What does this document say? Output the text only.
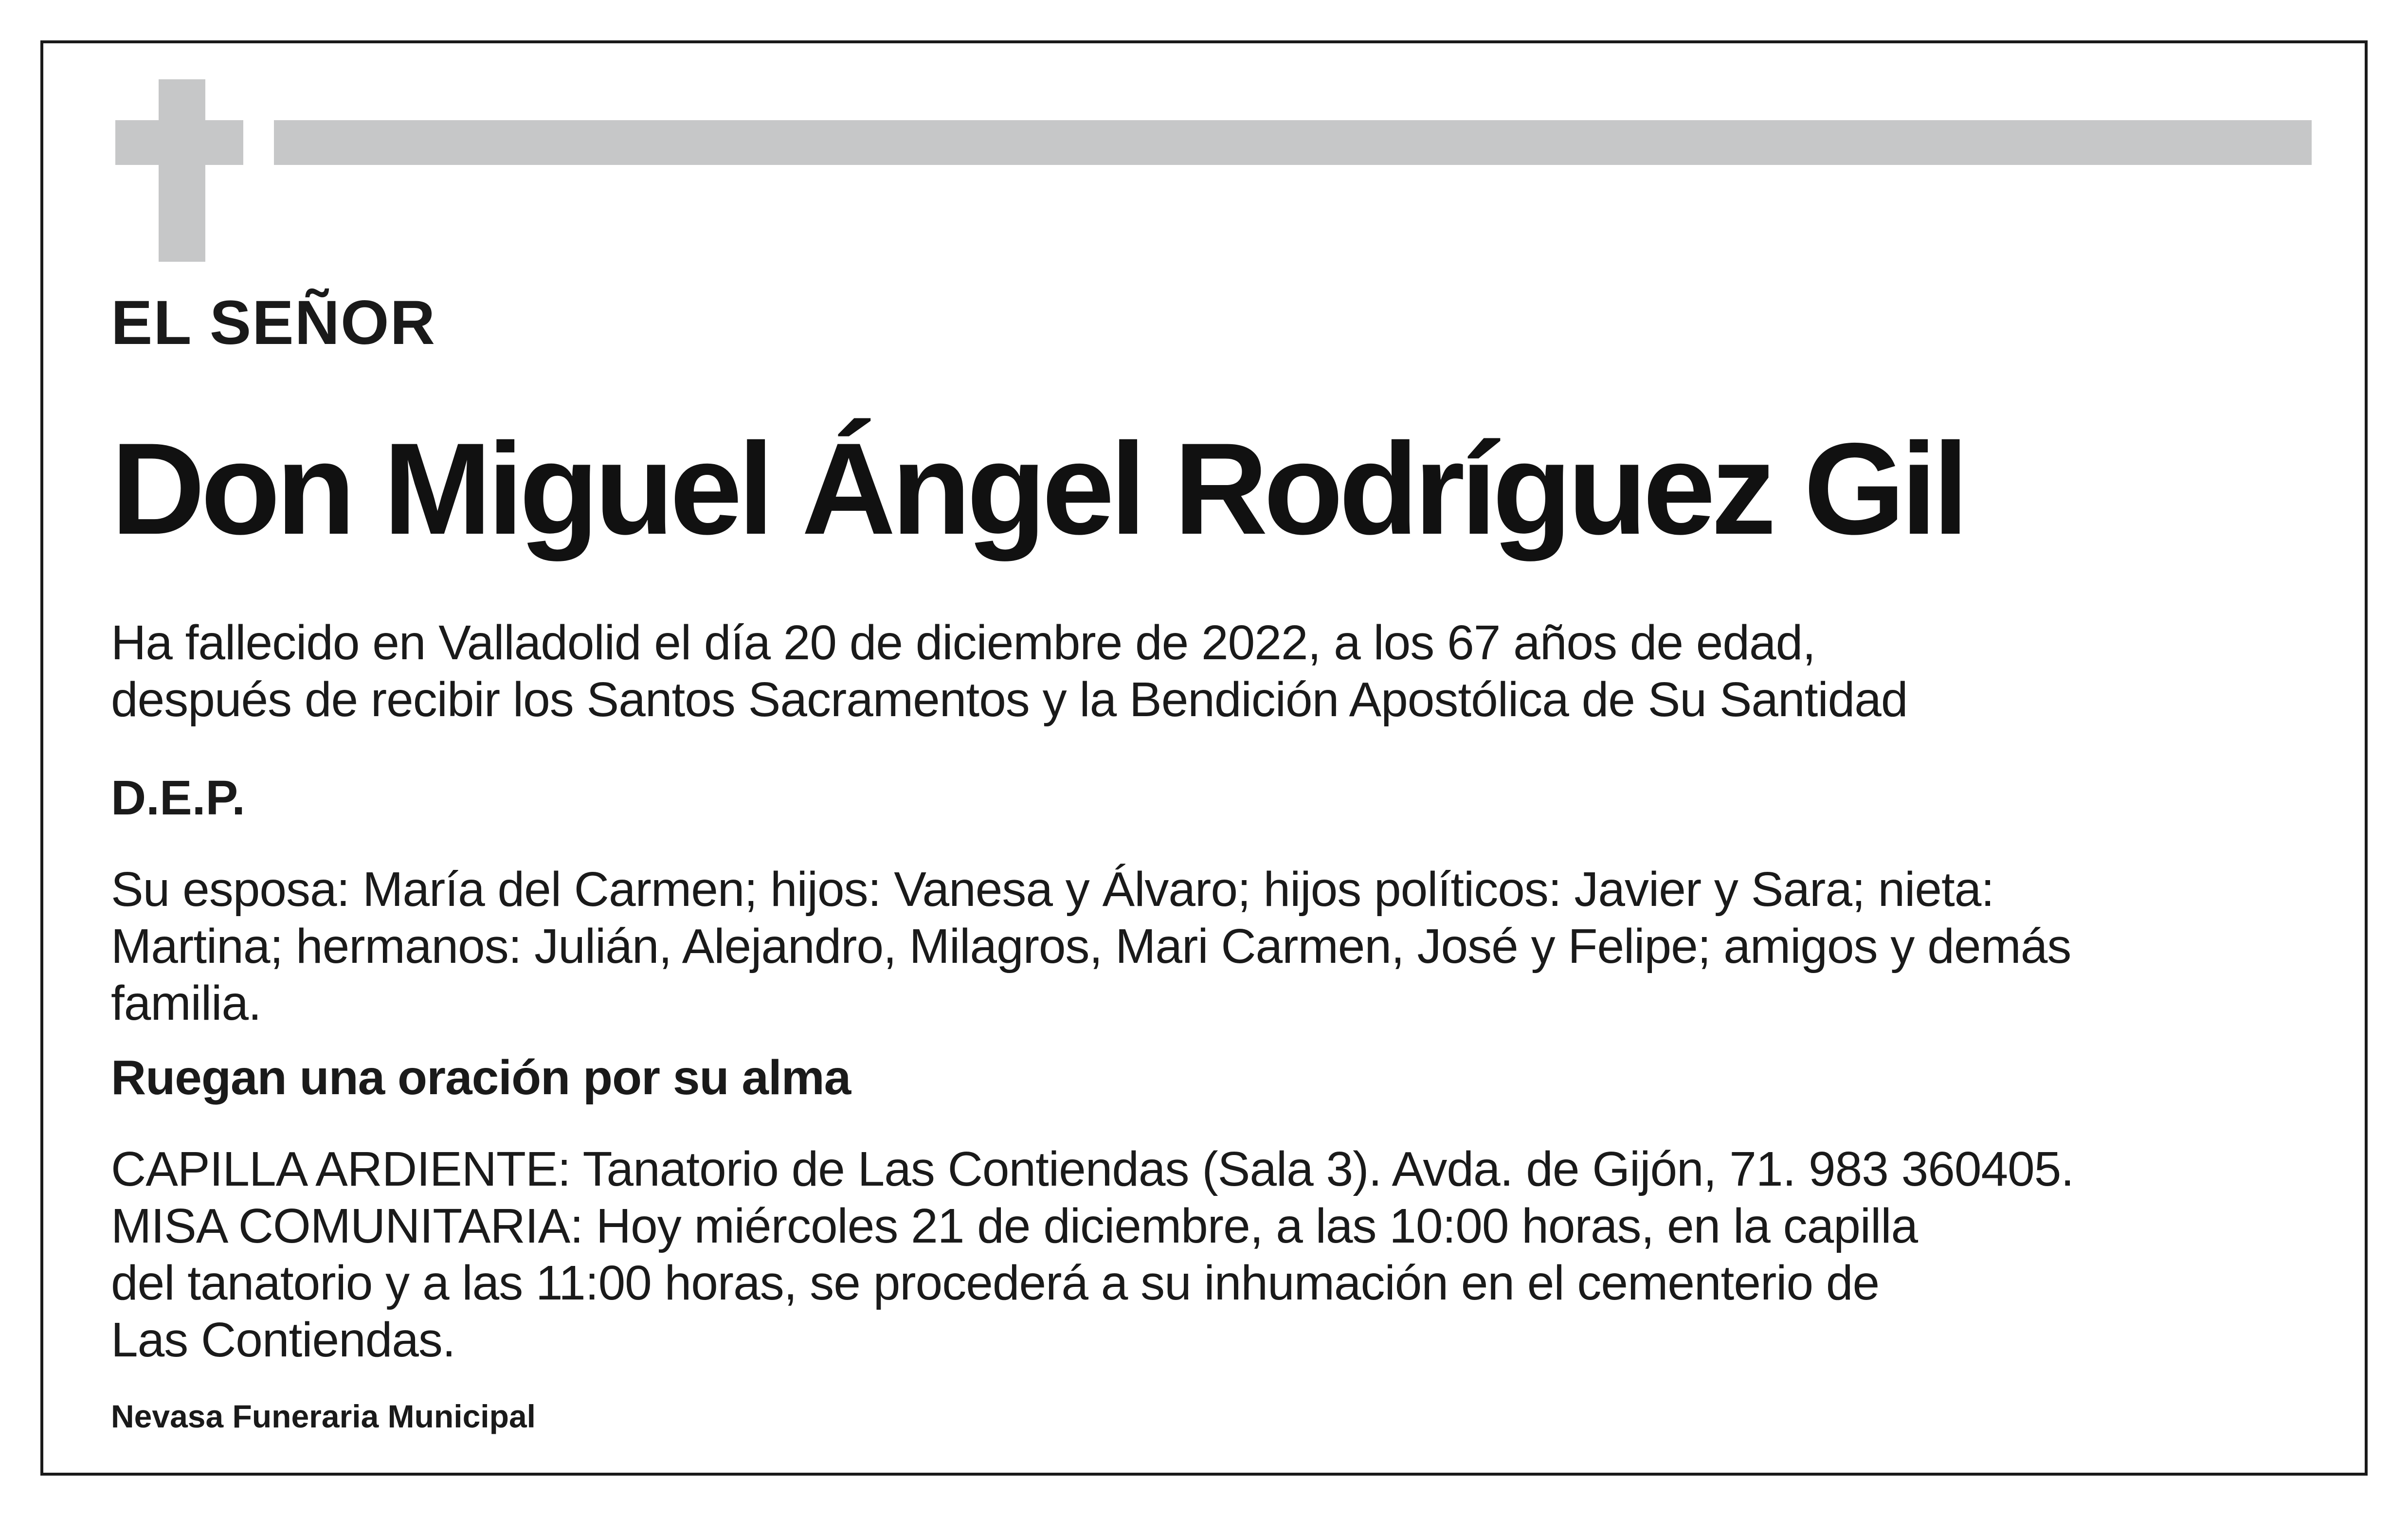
EL SEÑOR

Don Miguel Ángel Rodríguez Gil

Ha fallecido en Valladolid el día 20 de diciembre de 2022, a los 67 años de edad,

después de recibir los Santos Sacramentos y la Bendición Apostólica de Su Santidad

D.E.P.

Su esposa: María del Carmen; hijos: Vanesa y Álvaro; hijos políticos: Javier y Sara; nieta:

Martina; hermanos: Julián, Alejandro, Milagros, Mari Carmen, José y Felipe; amigos y demás

familia.

Ruegan una oración por su alma

CAPILLA ARDIENTE: Tanatorio de Las Contiendas (Sala 3). Avda. de Gijón, 71. 983 360405.

MISA COMUNITARIA: Hoy miércoles 21 de diciembre, a las 10:00 horas, en la capilla

del tanatorio y a las 11:00 horas, se procederá a su inhumación en el cementerio de

Las Contiendas.

Nevasa Funeraria Municipal
